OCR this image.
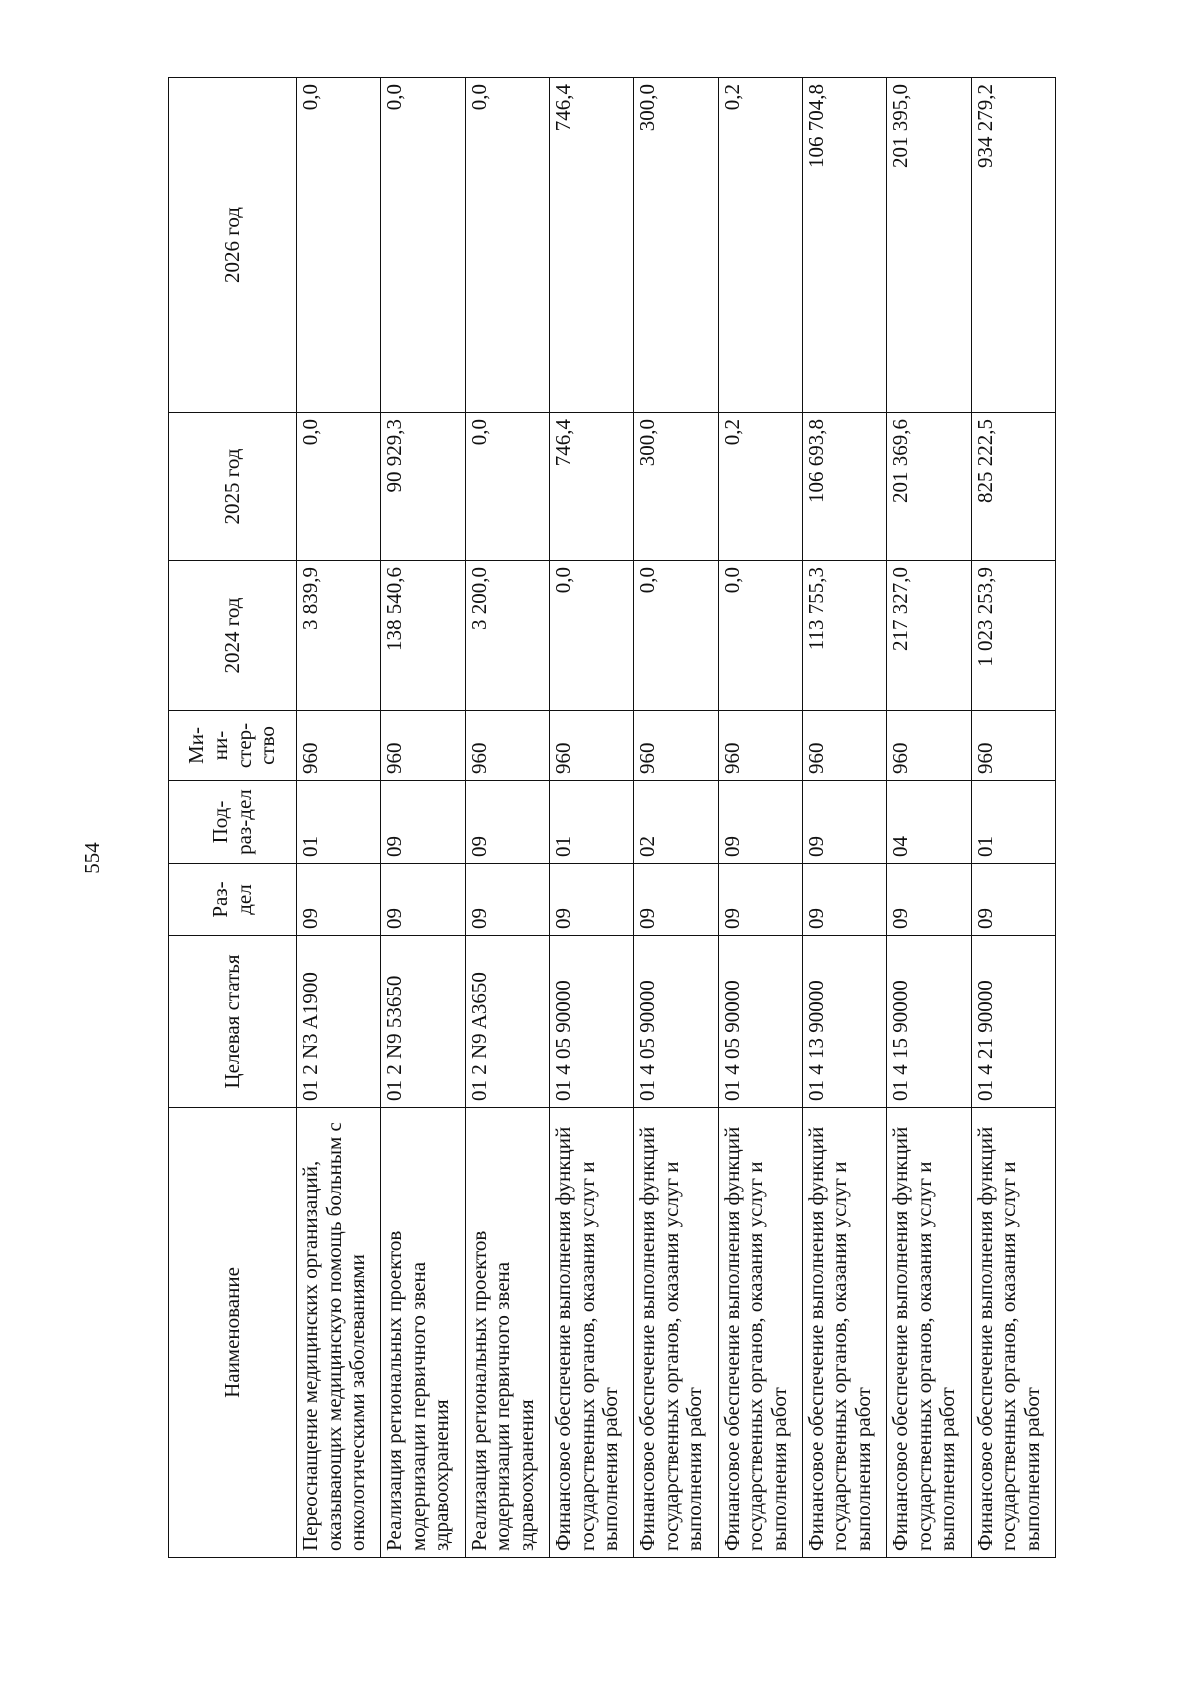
554
Наименование	Целевая статья	Раз-дел	Под-раз-дел	Ми-ни-стер-ство	2024 год	2025 год	2026 год
Переоснащение медицинских организаций, оказывающих медицинскую помощь больным с онкологическими заболеваниями	01 2 N3 A1900	09	01	960	3 839,9	0,0	0,0
Реализация региональных проектов модернизации первичного звена здравоохранения	01 2 N9 53650	09	09	960	138 540,6	90 929,3	0,0
Реализация региональных проектов модернизации первичного звена здравоохранения	01 2 N9 A3650	09	09	960	3 200,0	0,0	0,0
Финансовое обеспечение выполнения функций государственных органов, оказания услуг и выполнения работ	01 4 05 90000	09	01	960	0,0	746,4	746,4
Финансовое обеспечение выполнения функций государственных органов, оказания услуг и выполнения работ	01 4 05 90000	09	02	960	0,0	300,0	300,0
Финансовое обеспечение выполнения функций государственных органов, оказания услуг и выполнения работ	01 4 05 90000	09	09	960	0,0	0,2	0,2
Финансовое обеспечение выполнения функций государственных органов, оказания услуг и выполнения работ	01 4 13 90000	09	09	960	113 755,3	106 693,8	106 704,8
Финансовое обеспечение выполнения функций государственных органов, оказания услуг и выполнения работ	01 4 15 90000	09	04	960	217 327,0	201 369,6	201 395,0
Финансовое обеспечение выполнения функций государственных органов, оказания услуг и выполнения работ	01 4 21 90000	09	01	960	1 023 253,9	825 222,5	934 279,2
